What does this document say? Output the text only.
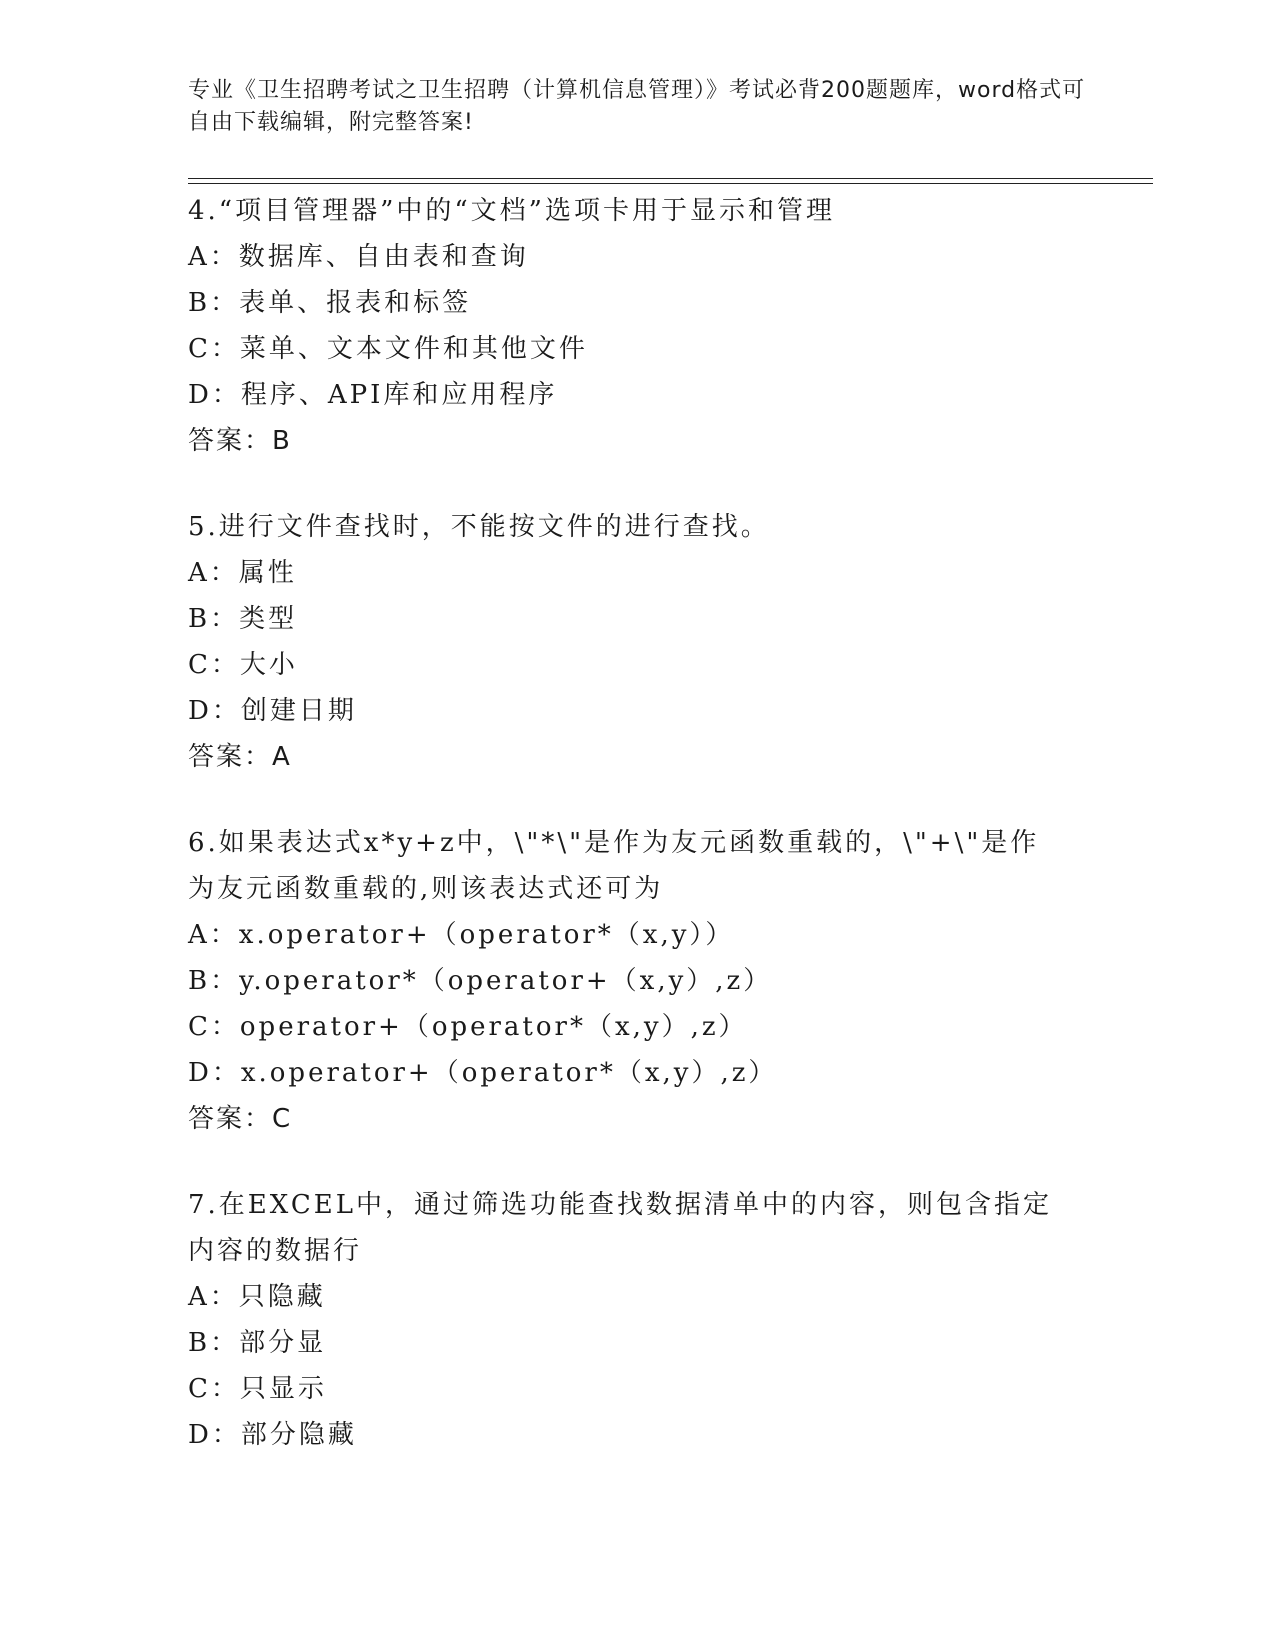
专业《卫生招聘考试之卫生招聘（计算机信息管理）》考试必背200题题库，word格式可自由下载编辑，附完整答案!
4.“项目管理器”中的“文档”选项卡用于显示和管理
A：数据库、自由表和查询
B：表单、报表和标签
C：菜单、文本文件和其他文件
D：程序、API库和应用程序
答案：B
5.进行文件查找时，不能按文件的进行查找。
A：属性
B：类型
C：大小
D：创建日期
答案：A
6.如果表达式x*y+z中，\"*\"是作为友元函数重载的，\"+\"是作为友元函数重载的,则该表达式还可为
A：x.operator+（operator*（x,y））
B：y.operator*（operator+（x,y）,z）
C：operator+（operator*（x,y）,z）
D：x.operator+（operator*（x,y）,z）
答案：C
7.在EXCEL中，通过筛选功能查找数据清单中的内容，则包含指定内容的数据行
A：只隐藏
B：部分显
C：只显示
D：部分隐藏
